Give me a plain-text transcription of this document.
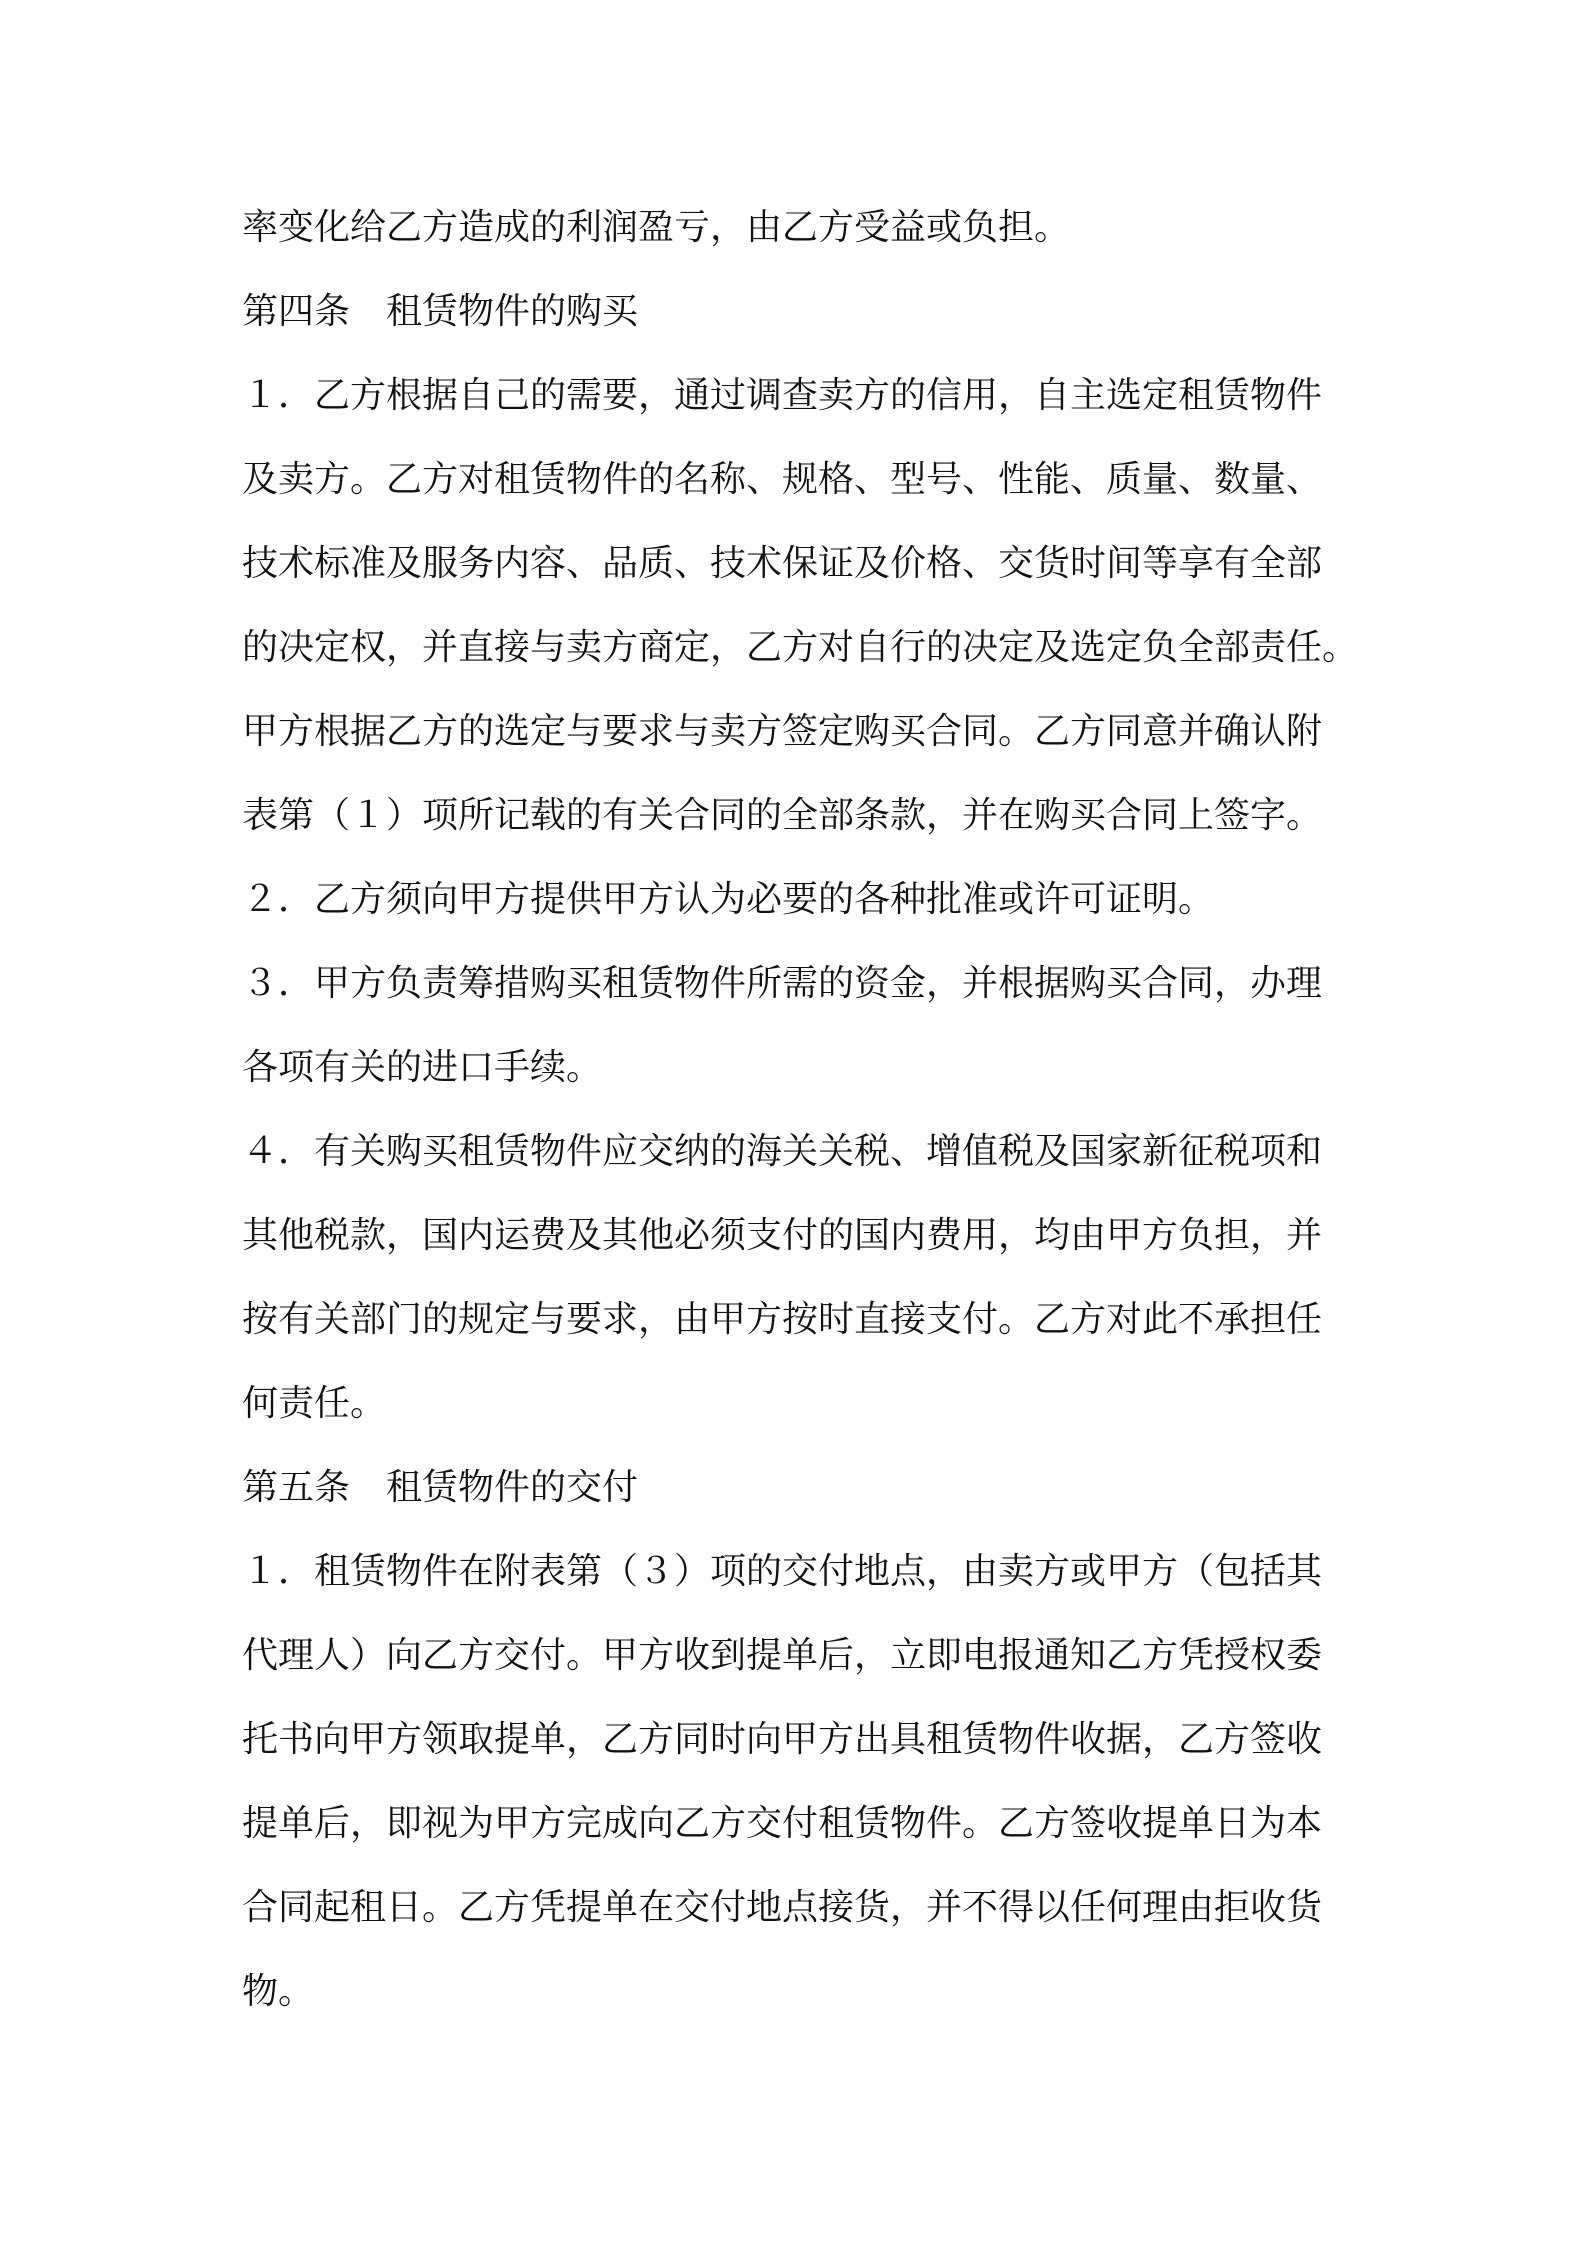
率变化给乙方造成的利润盈亏，由乙方受益或负担。
第四条　租赁物件的购买
１．乙方根据自己的需要，通过调查卖方的信用，自主选定租赁物件
及卖方。乙方对租赁物件的名称、规格、型号、性能、质量、数量、
技术标准及服务内容、品质、技术保证及价格、交货时间等享有全部
的决定权，并直接与卖方商定，乙方对自行的决定及选定负全部责任。
甲方根据乙方的选定与要求与卖方签定购买合同。乙方同意并确认附
表第（１）项所记载的有关合同的全部条款，并在购买合同上签字。
２．乙方须向甲方提供甲方认为必要的各种批准或许可证明。
３．甲方负责筹措购买租赁物件所需的资金，并根据购买合同，办理
各项有关的进口手续。
４．有关购买租赁物件应交纳的海关关税、增值税及国家新征税项和
其他税款，国内运费及其他必须支付的国内费用，均由甲方负担，并
按有关部门的规定与要求，由甲方按时直接支付。乙方对此不承担任
何责任。
第五条　租赁物件的交付
１．租赁物件在附表第（３）项的交付地点，由卖方或甲方（包括其
代理人）向乙方交付。甲方收到提单后，立即电报通知乙方凭授权委
托书向甲方领取提单，乙方同时向甲方出具租赁物件收据，乙方签收
提单后，即视为甲方完成向乙方交付租赁物件。乙方签收提单日为本
合同起租日。乙方凭提单在交付地点接货，并不得以任何理由拒收货
物。
